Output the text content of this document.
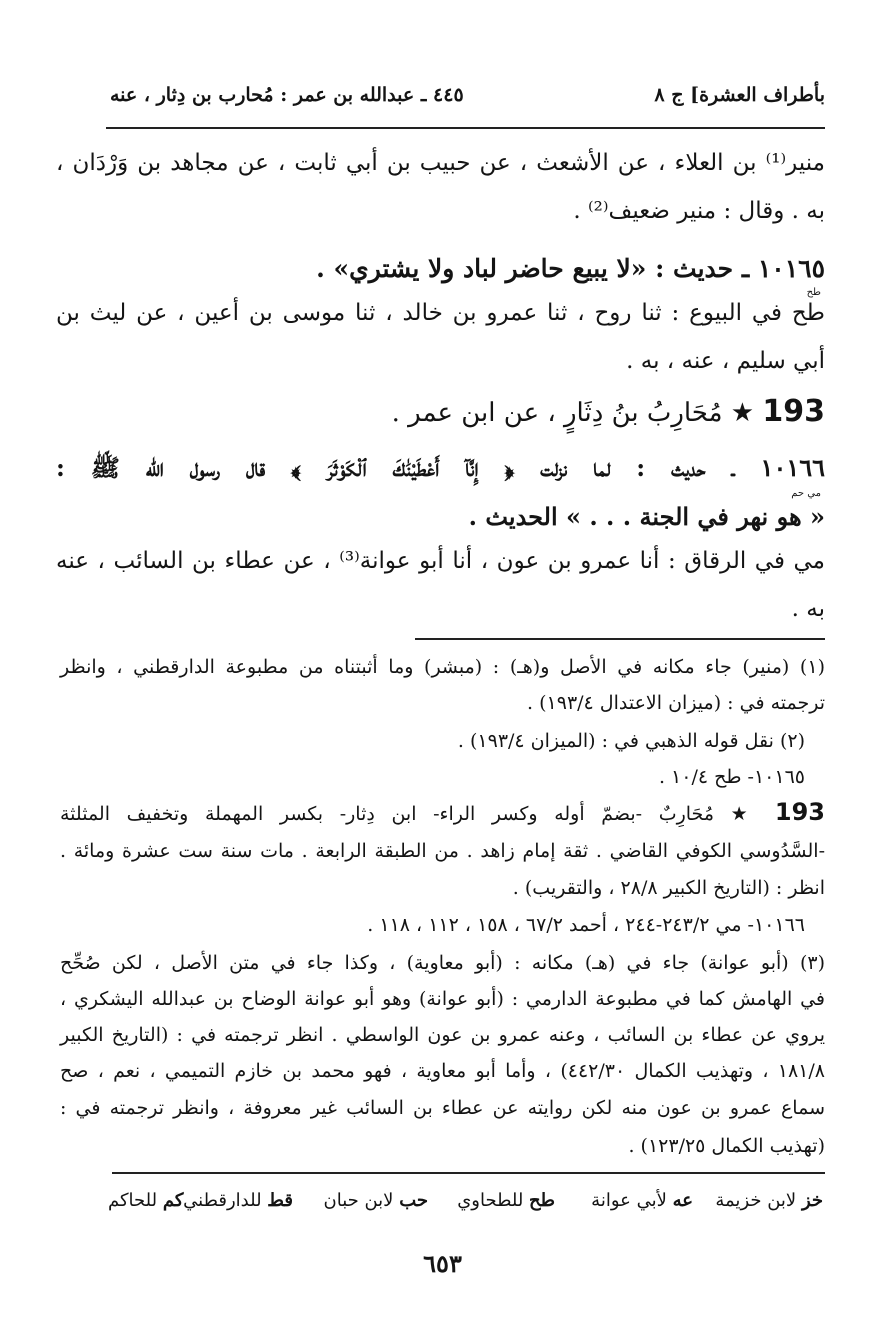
بأطراف العشرة] ج ٨
٤٤٥ ـ عبدالله بن عمر : مُحارب بن دِثار ، عنه
منير⁽¹⁾ بن العلاء ، عن الأشعث ، عن حبيب بن أبي ثابت ، عن مجاهد بن وَرْدَان ،
به . وقال : منير ضعيف⁽²⁾ .
١٠١٦٥ ـ حديث : «لا يبيع حاضر لباد ولا يشتري» .
طح
طح في البيوع : ثنا روح ، ثنا عمرو بن خالد ، ثنا موسى بن أعين ، عن ليث بن
أبي سليم ، عنه ، به .
193 ★ مُحَارِبُ بنُ دِثَارٍ ، عن ابن عمر .
١٠١٦٦ ـ حديث : لما نزلت ﴿ إِنَّآ أَعْطَيْنَٰكَ ٱلْكَوْثَرَ ﴾ قال رسول الله ﷺ :
مي حم
« هو نهر في الجنة . . . » الحديث .
مي في الرقاق : أنا عمرو بن عون ، أنا أبو عوانة⁽³⁾ ، عن عطاء بن السائب ، عنه
به .
(١) (منير) جاء مكانه في الأصل و(هـ) : (مبشر) وما أثبتناه من مطبوعة الدارقطني ، وانظر
ترجمته في : (ميزان الاعتدال ١٩٣/٤) .
(٢) نقل قوله الذهبي في : (الميزان ١٩٣/٤) .
١٠١٦٥- طح ١٠/٤ .
193 ★ مُحَارِبٌ -بضمّ أوله وكسر الراء- ابن دِثار- بكسر المهملة وتخفيف المثلثة
-السَّدُوسي الكوفي القاضي . ثقة إمام زاهد . من الطبقة الرابعة . مات سنة ست عشرة ومائة .
انظر : (التاريخ الكبير ٢٨/٨ ، والتقريب) .
١٠١٦٦- مي ٢٤٣/٢-٢٤٤ ، أحمد ٦٧/٢ ، ١٥٨ ، ١١٢ ، ١١٨ .
(٣) (أبو عوانة) جاء في (هـ) مكانه : (أبو معاوية) ، وكذا جاء في متن الأصل ، لكن صُحِّح
في الهامش كما في مطبوعة الدارمي : (أبو عوانة) وهو أبو عوانة الوضاح بن عبدالله اليشكري ،
يروي عن عطاء بن السائب ، وعنه عمرو بن عون الواسطي . انظر ترجمته في : (التاريخ الكبير
١٨١/٨ ، وتهذيب الكمال ٤٤٢/٣٠) ، وأما أبو معاوية ، فهو محمد بن خازم التميمي ، نعم ، صح
سماع عمرو بن عون منه لكن روايته عن عطاء بن السائب غير معروفة ، وانظر ترجمته في :
(تهذيب الكمال ١٢٣/٢٥) .
خز لابن خزيمة
عه لأبي عوانة
طح للطحاوي
حب لابن حبان
قط للدارقطني
كم للحاكم
٦٥٣
